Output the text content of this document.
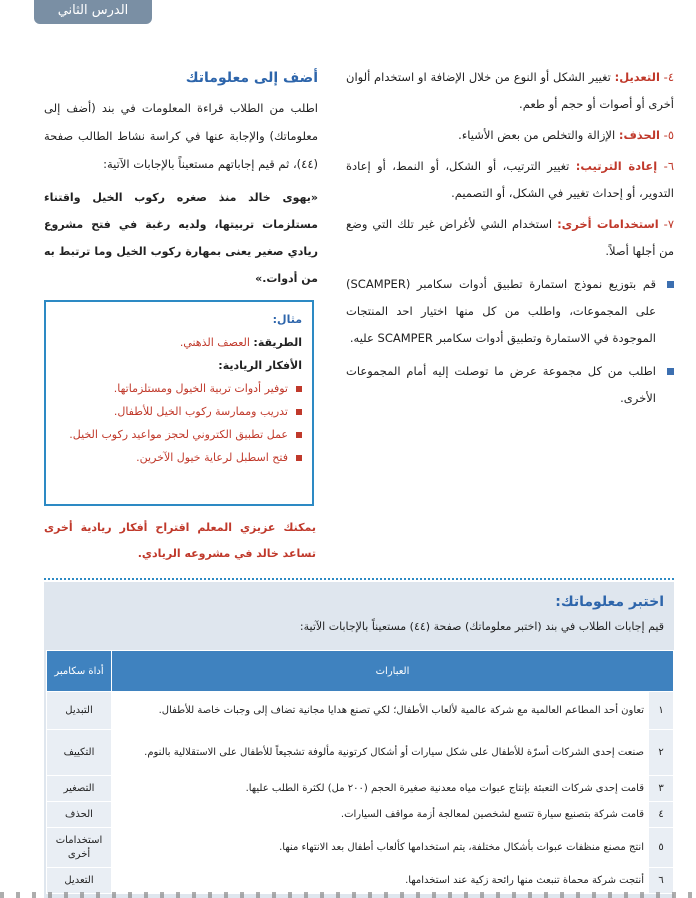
الدرس الثاني
٤- التعديل: تغيير الشكل أو النوع من خلال الإضافة او استخدام ألوان أخرى أو أصوات أو حجم أو طعم.
٥- الحذف: الإزالة والتخلص من بعض الأشياء.
٦- إعادة الترتيب: تغيير الترتيب، أو الشكل، أو النمط، أو إعادة التدوير، أو إحداث تغيير في الشكل، أو التصميم.
٧- استخدامات أخرى: استخدام الشي لأغراض غير تلك التي وضع من أجلها أصلاً.
قم بتوزيع نموذج استمارة تطبيق أدوات سكامبر (SCAMPER) على المجموعات، واطلب من كل منها اختيار احد المنتجات الموجودة في الاستمارة وتطبيق أدوات سكامبر SCAMPER عليه.
اطلب من كل مجموعة عرض ما توصلت إليه أمام المجموعات الأخرى.
أضف إلى معلوماتك
اطلب من الطلاب قراءة المعلومات في بند (أضف إلى معلوماتك) والإجابة عنها في كراسة نشاط الطالب صفحة (٤٤)، ثم قيم إجاباتهم مستعيناً بالإجابات الآتية:
«يهوى خالد منذ صغره ركوب الخيل واقتناء مستلزمات تربيتها، ولديه رغبة في فتح مشروع ريادي صغير يعنى بمهارة ركوب الخيل وما ترتبط به من أدوات.»
مثال:
الطريقة: العصف الذهني.
الأفكار الريادية:
توفير أدوات تربية الخيول ومستلزماتها.
تدريب وممارسة ركوب الخيل للأطفال.
عمل تطبيق الكتروني لحجز مواعيد ركوب الخيل.
فتح اسطبل لرعاية خيول الآخرين.
يمكنك عزيزي المعلم اقتراح أفكار ريادية أخرى تساعد خالد في مشروعه الريادي.
اختبر معلوماتك:
قيم إجابات الطلاب في بند (اختبر معلوماتك) صفحة (٤٤) مستعيناً بالإجابات الآتية:
العبارات		أداة سكامبر
١	تعاون أحد المطاعم العالمية مع شركة عالمية لألعاب الأطفال؛ لكي تصنع هدايا مجانية تضاف إلى وجبات خاصة للأطفال.	التبديل
٢	صنعت إحدى الشركات أسرّة للأطفال على شكل سيارات أو أشكال كرتونية مألوفة تشجيعاً للأطفال على الاستقلالية بالنوم.	التكييف
٣	قامت إحدى شركات التعبئة بإنتاج عبوات مياه معدنية صغيرة الحجم (٢٠٠ مل) لكثرة الطلب عليها.	التصغير
٤	قامت شركة بتصنيع سيارة تتسع لشخصين لمعالجة أزمة مواقف السيارات.	الحذف
٥	انتج مصنع منظفات عبوات بأشكال مختلفة، يتم استخدامها كألعاب أطفال بعد الانتهاء منها.	استخدامات أخرى
٦	أنتجت شركة محماة تنبعث منها رائحة زكية عند استخدامها.	التعديل
